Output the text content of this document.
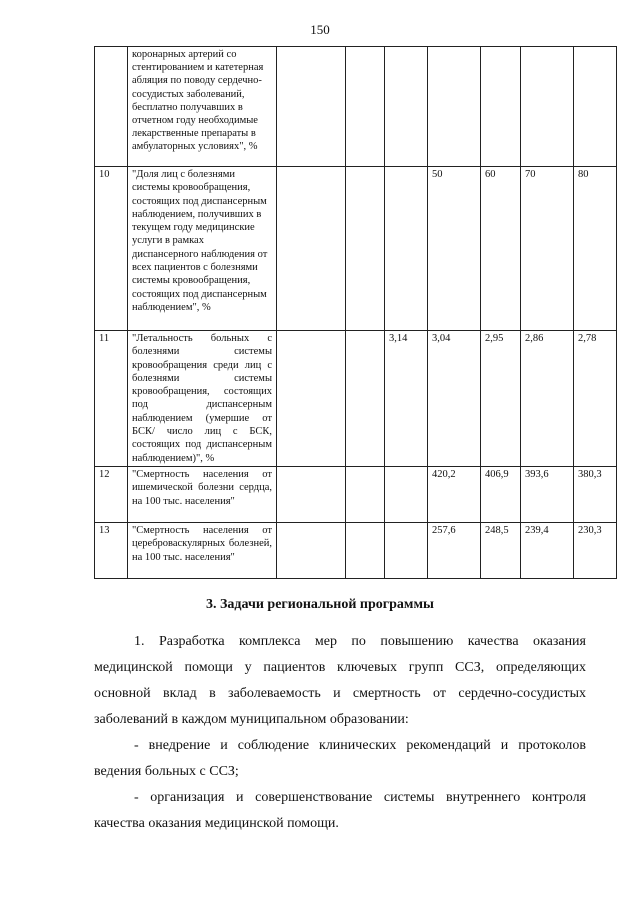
150
	коронарных артерий со стентированием и катетерная абляция по поводу сердечно-сосудистых заболеваний, бесплатно получавших в отчетном году необходимые лекарственные препараты в амбулаторных условиях", %							
10	"Доля лиц с болезнями системы кровообращения, состоящих под диспансерным наблюдением, получивших в текущем году медицинские услуги в рамках диспансерного наблюдения от всех пациентов с болезнями системы кровообращения, состоящих под диспансерным наблюдением", %				50	60	70	80
11	"Летальность больных с болезнями системы кровообращения среди лиц с болезнями системы кровообращения, состоящих под диспансерным наблюдением (умершие от БСК/ число лиц с БСК, состоящих под диспансерным наблюдением)", %			3,14	3,04	2,95	2,86	2,78
12	"Смертность населения от ишемической болезни сердца, на 100 тыс. населения"				420,2	406,9	393,6	380,3
13	"Смертность населения от цереброваскулярных болезней, на 100 тыс. населения"				257,6	248,5	239,4	230,3
3. Задачи региональной программы

1. Разработка комплекса мер по повышению качества оказания медицинской помощи у пациентов ключевых групп ССЗ, определяющих основной вклад в заболеваемость и смертность от сердечно-сосудистых заболеваний в каждом муниципальном образовании:

- внедрение и соблюдение клинических рекомендаций и протоколов ведения больных с ССЗ;

- организация и совершенствование системы внутреннего контроля качества оказания медицинской помощи.
